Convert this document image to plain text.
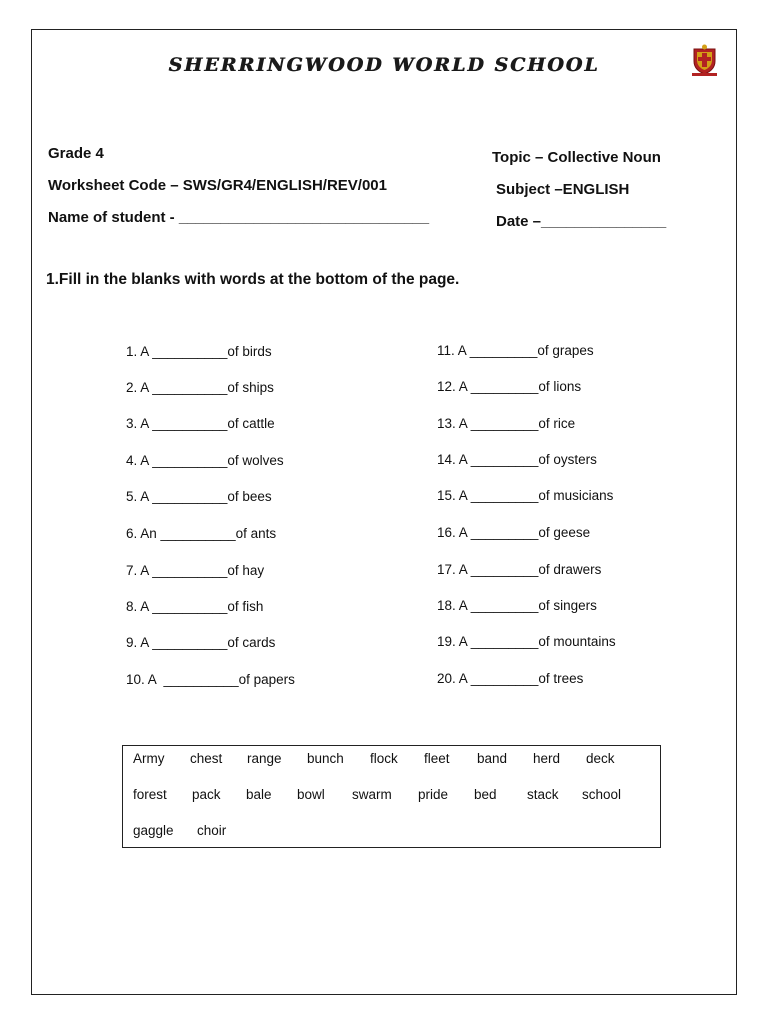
SHERRINGWOOD WORLD SCHOOL
Grade 4
Worksheet Code – SWS/GR4/ENGLISH/REV/001
Name of student - ______________________________
Topic – Collective Noun
Subject –ENGLISH
Date –_______________
1.Fill in the blanks with words at the bottom of the page.
1. A __________of birds
2. A __________of ships
3. A __________of cattle
4. A __________of wolves
5. A __________of bees
6. An __________of ants
7. A __________of hay
8. A __________of fish
9. A __________of cards
10. A  __________of papers
11. A _________of grapes
12. A _________of lions
13. A _________of rice
14. A _________of oysters
15. A _________of musicians
16. A _________of geese
17. A _________of drawers
18. A _________of singers
19. A _________of mountains
20. A _________of trees
Army chest range bunch flock fleet band herd deck
forest pack bale bowl swarm pride bed stack school
gaggle choir
